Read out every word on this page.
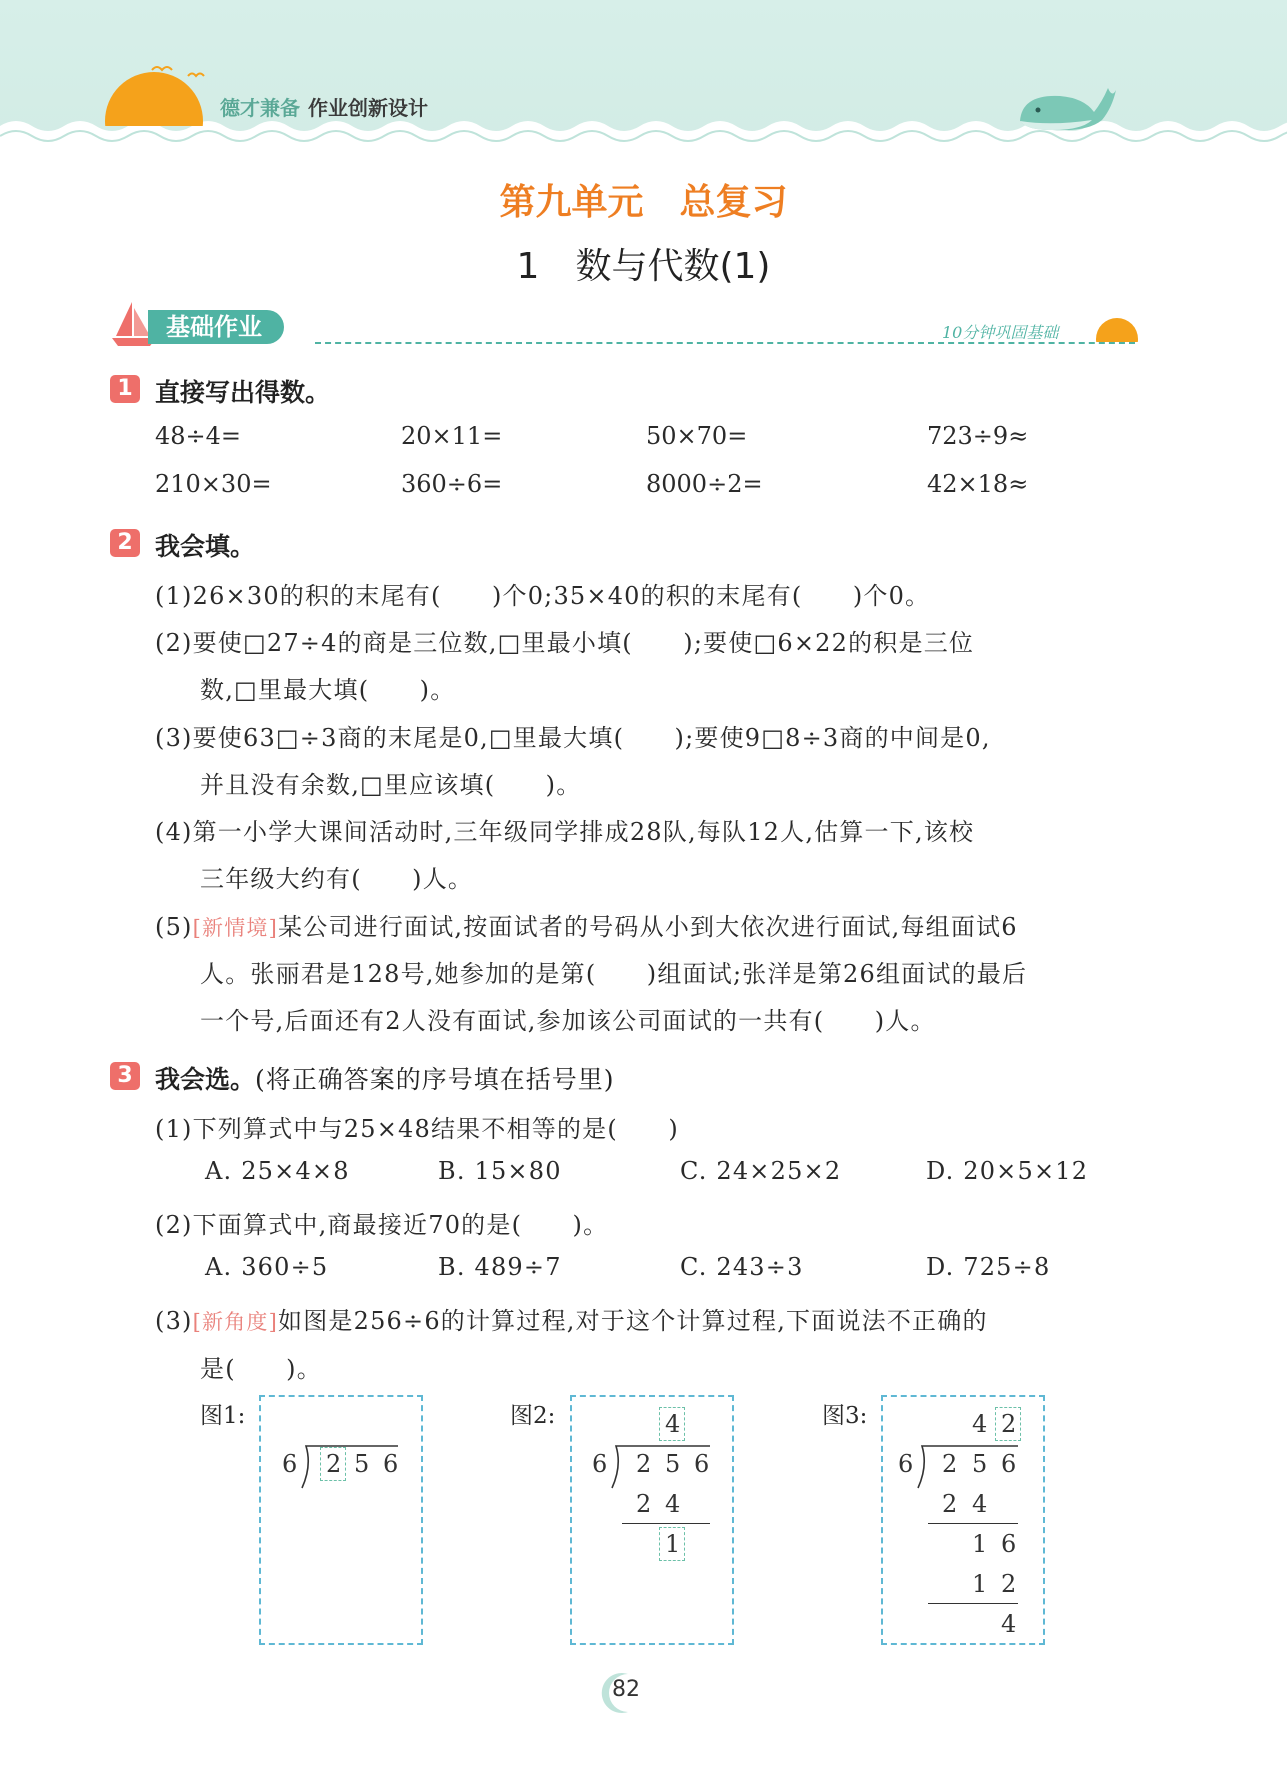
德才兼备 作业创新设计
第九单元　总复习
1　数与代数(1)
基础作业	10分钟巩固基础
1 直接写出得数。
48÷4=	20×11=	50×70=	723÷9≈
210×30=	360÷6=	8000÷2=	42×18≈
2 我会填。
(1)26×30的积的末尾有(　　)个0;35×40的积的末尾有(　　)个0。
(2)要使□27÷4的商是三位数,□里最小填(　　);要使□6×22的积是三位
数,□里最大填(　　)。
(3)要使63□÷3商的末尾是0,□里最大填(　　);要使9□8÷3商的中间是0,
并且没有余数,□里应该填(　　)。
(4)第一小学大课间活动时,三年级同学排成28队,每队12人,估算一下,该校
三年级大约有(　　)人。
(5)[新情境]某公司进行面试,按面试者的号码从小到大依次进行面试,每组面试6
人。张丽君是128号,她参加的是第(　　)组面试;张洋是第26组面试的最后
一个号,后面还有2人没有面试,参加该公司面试的一共有(　　)人。
3 我会选。(将正确答案的序号填在括号里)
(1)下列算式中与25×48结果不相等的是(　　)
A. 25×4×8	B. 15×80	C. 24×25×2	D. 20×5×12
(2)下面算式中,商最接近70的是(　　)。
A. 360÷5	B. 489÷7	C. 243÷3	D. 725÷8
(3)[新角度]如图是256÷6的计算过程,对于这个计算过程,下面说法不正确的
是(　　)。
图1:
6 2 5 6
图2:	4
6 2 5 6
2 4
1
图3:	4 2
6 2 5 6
2 4
1 6
1 2
4
82
